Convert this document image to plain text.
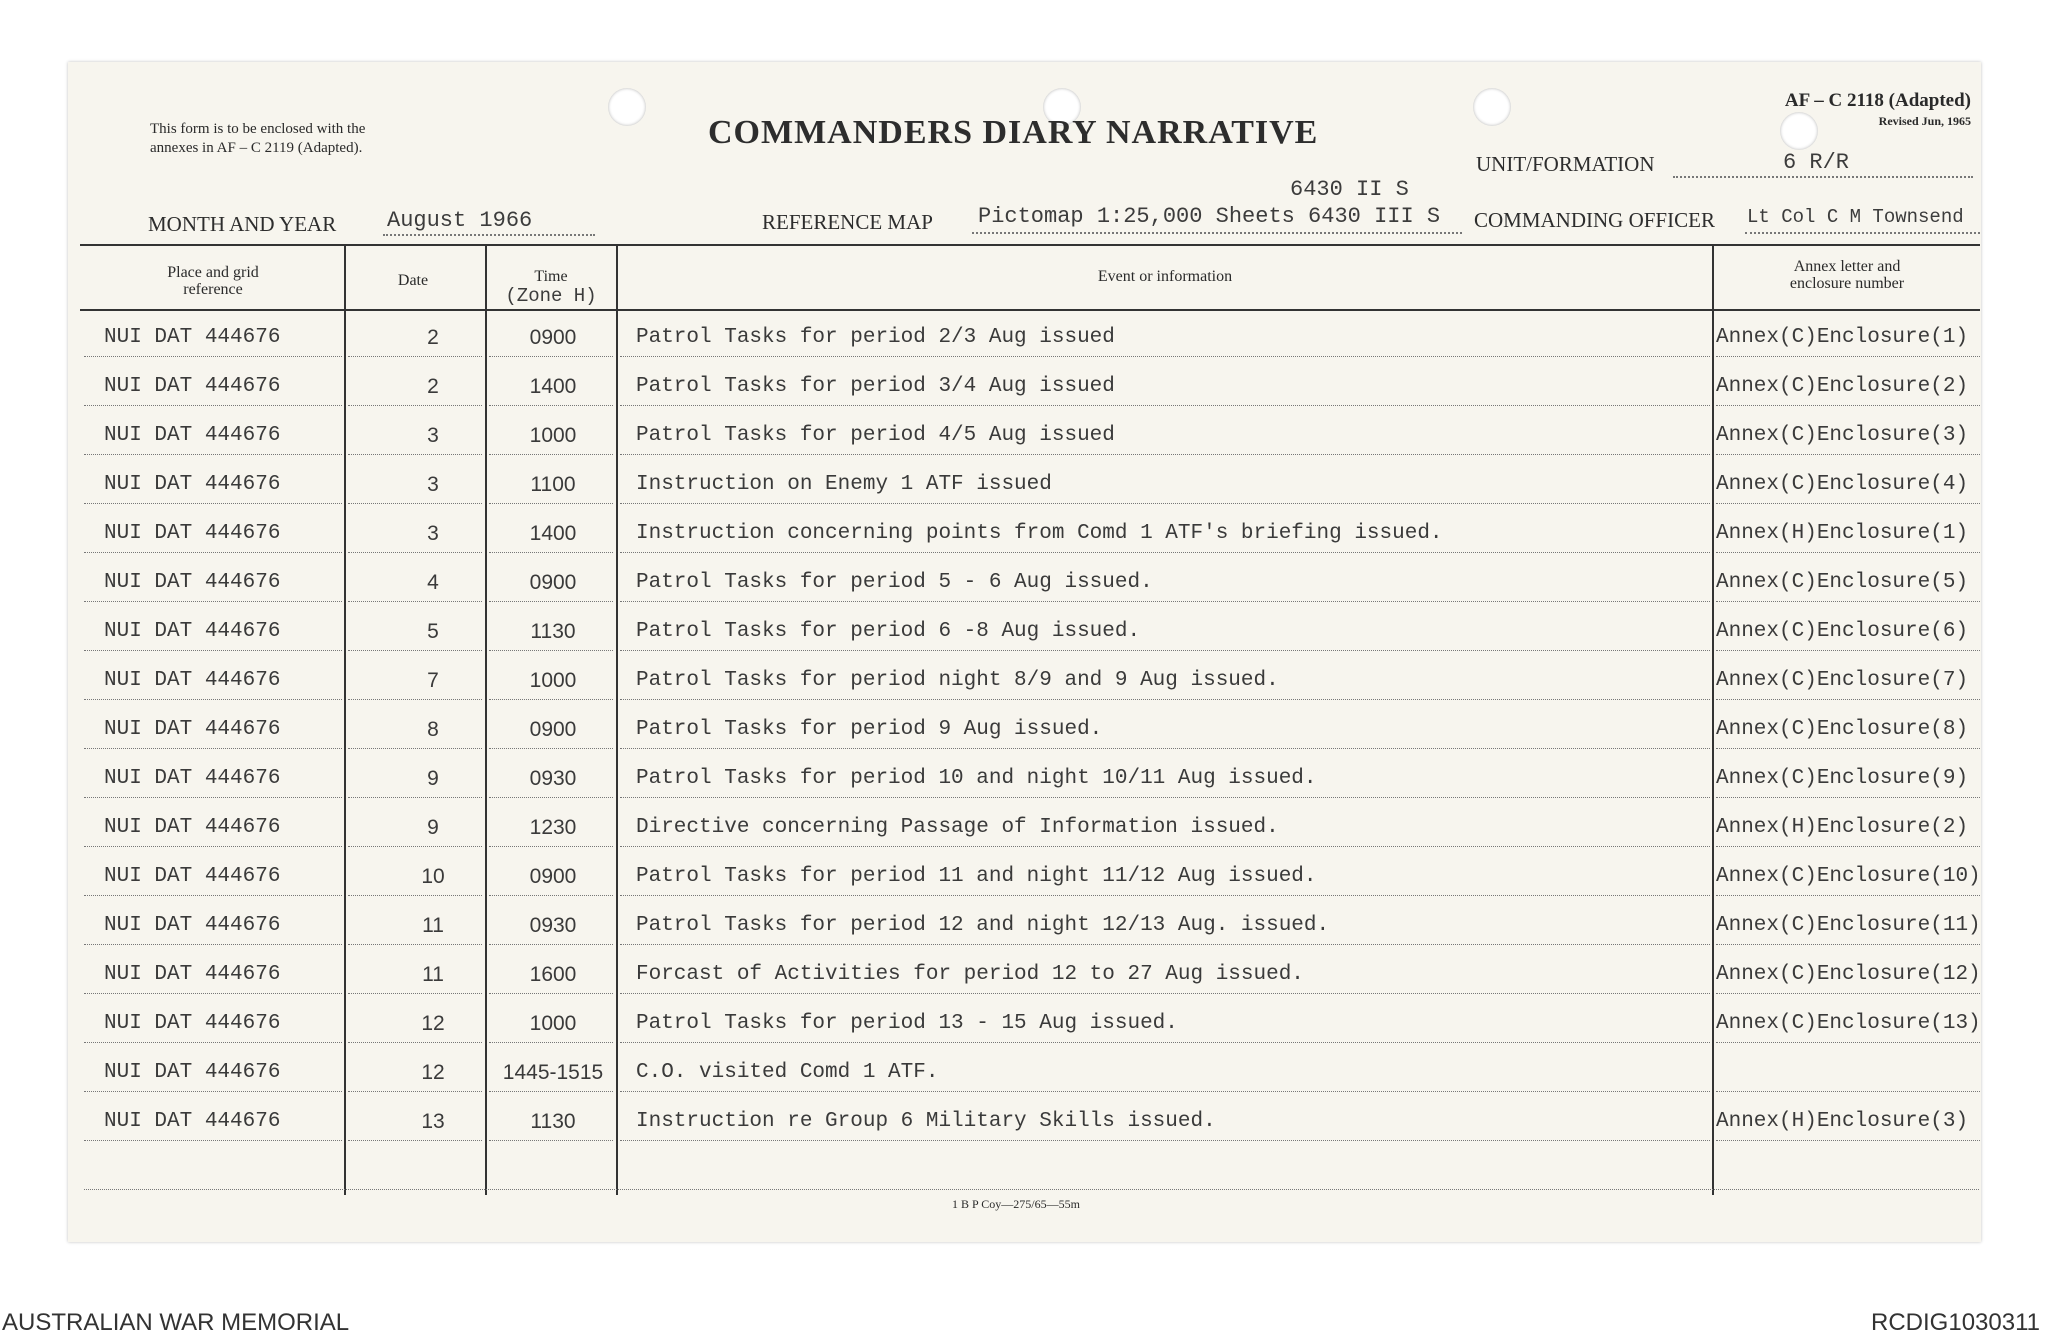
This form is to be enclosed with the
annexes in AF – C 2119 (Adapted).	COMMANDERS DIARY NARRATIVE
AF – C 2118 (Adapted)
Revised Jun, 1965
UNIT/FORMATION	6 R/R
MONTH AND YEAR August 1966	REFERENCE MAP
6430 II S
Pictomap 1:25,000 Sheets 6430 III S COMMANDING OFFICER Lt Col C M Townsend
Place and grid reference
Date	Time
(Zone H)
Event or information
Annex letter and
enclosure number
NUI DAT 444676	2	0900	Patrol Tasks for period 2/3 Aug issued	Annex(C)Enclosure(1)
NUI DAT 444676	2	1400	Patrol Tasks for period 3/4 Aug issued	Annex(C)Enclosure(2)
NUI DAT 444676	3	1000	Patrol Tasks for period 4/5 Aug issued	Annex(C)Enclosure(3)
NUI DAT 444676	3	1100	Instruction on Enemy 1 ATF issued	Annex(C)Enclosure(4)
NUI DAT 444676	3	1400	Instruction concerning points from Comd 1 ATF's briefing issued.	Annex(H)Enclosure(1)
NUI DAT 444676	4	0900	Patrol Tasks for period 5 - 6 Aug issued.	Annex(C)Enclosure(5)
NUI DAT 444676	5	1130	Patrol Tasks for period 6 -8 Aug issued.	Annex(C)Enclosure(6)
NUI DAT 444676	7	1000	Patrol Tasks for period night 8/9 and 9 Aug issued.	Annex(C)Enclosure(7)
NUI DAT 444676	8	0900	Patrol Tasks for period 9 Aug issued.	Annex(C)Enclosure(8)
NUI DAT 444676	9	0930	Patrol Tasks for period 10 and night 10/11 Aug issued.	Annex(C)Enclosure(9)
NUI DAT 444676	9	1230	Directive concerning Passage of Information issued.	Annex(H)Enclosure(2)
NUI DAT 444676	10	0900	Patrol Tasks for period 11 and night 11/12 Aug issued.	Annex(C)Enclosure(10)
NUI DAT 444676	11	0930	Patrol Tasks for period 12 and night 12/13 Aug. issued.	Annex(C)Enclosure(11)
NUI DAT 444676	11	1600	Forcast of Activities for period 12 to 27 Aug issued.	Annex(C)Enclosure(12)
NUI DAT 444676	12	1000	Patrol Tasks for period 13 - 15 Aug issued.	Annex(C)Enclosure(13)
NUI DAT 444676	12	1445-1515	C.O. visited Comd 1 ATF.
NUI DAT 444676	13	1130	Instruction re Group 6 Military Skills issued.	Annex(H)Enclosure(3)
1 B P Coy—275/65—55m
AUSTRALIAN WAR MEMORIAL	RCDIG1030311
